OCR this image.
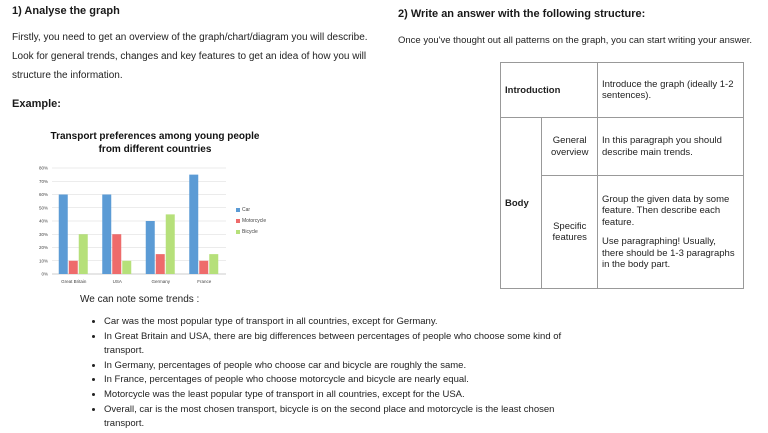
1) Analyse the graph
Firstly, you need to get an overview of the graph/chart/diagram you will describe. Look for general trends, changes and key features to get an idea of how you will structure the information.
Example:
Transport preferences among young people
from different countries
0%
10%
20%
30%
40%
50%
60%
70%
80%
Great Britain	USA	Germany	France
Car
Motorcycle
Bicycle
We can note some trends :
• Car was the most popular type of transport in all countries, except for Germany.
• In Great Britain and USA, there are big differences between percentages of people who choose some kind of transport.
• In Germany, percentages of people who choose car and bicycle are roughly the same.
• In France, percentages of people who choose motorcycle and bicycle are nearly equal.
• Motorcycle was the least popular type of transport in all countries, except for the USA.
• Overall, car is the most chosen transport, bicycle is on the second place and motorcycle is the least chosen transport.
2) Write an answer with the following structure:
Once you've thought out all patterns on the graph, you can start writing your answer.
Introduction		Introduce the graph (ideally 1-2 sentences).
Body	General overview	In this paragraph you should describe main trends.
	Specific features	Group the given data by some feature. Then describe each feature.

Use paragraphing! Usually, there should be 1-3 paragraphs in the body part.
